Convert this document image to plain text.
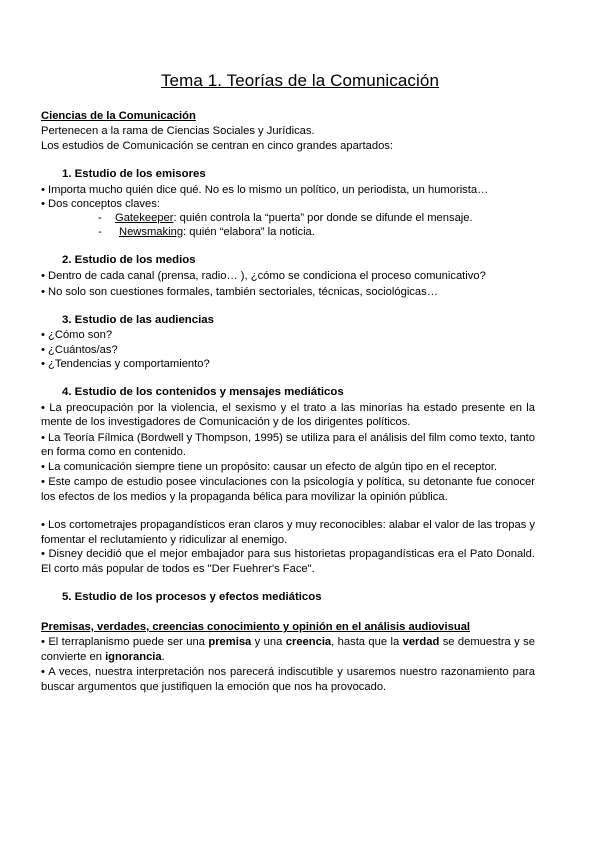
Tema 1. Teorías de la Comunicación
Ciencias de la Comunicación
Pertenecen a la rama de Ciencias Sociales y Jurídicas.
Los estudios de Comunicación se centran en cinco grandes apartados:
1. Estudio de los emisores
• Importa mucho quién dice qué. No es lo mismo un político, un periodista, un humorista…
• Dos conceptos claves:
- Gatekeeper: quién controla la “puerta” por donde se difunde el mensaje.
- Newsmaking: quién “elabora” la noticia.
2. Estudio de los medios
• Dentro de cada canal (prensa, radio… ), ¿cómo se condiciona el proceso comunicativo?
• No solo son cuestiones formales, también sectoriales, técnicas, sociológicas…
3. Estudio de las audiencias
• ¿Cómo son?
• ¿Cuántos/as?
• ¿Tendencias y comportamiento?
4. Estudio de los contenidos y mensajes mediáticos
• La preocupación por la violencia, el sexismo y el trato a las minorías ha estado presente en la
mente de los investigadores de Comunicación y de los dirigentes políticos.
• La Teoría Fílmica (Bordwell y Thompson, 1995) se utiliza para el análisis del film como texto, tanto
en forma como en contenido.
• La comunicación siempre tiene un propósito: causar un efecto de algún tipo en el receptor.
• Este campo de estudio posee vinculaciones con la psicología y política, su detonante fue conocer
los efectos de los medios y la propaganda bélica para movilizar la opinión pública.
• Los cortometrajes propagandísticos eran claros y muy reconocibles: alabar el valor de las tropas y
fomentar el reclutamiento y ridiculizar al enemigo.
• Disney decidió que el mejor embajador para sus historietas propagandísticas era el Pato Donald.
El corto más popular de todos es "Der Fuehrer's Face".
5. Estudio de los procesos y efectos mediáticos
Premisas, verdades, creencias conocimiento y opinión en el análisis audiovisual
• El terraplanismo puede ser una premisa y una creencia, hasta que la verdad se demuestra y se
convierte en ignorancia.
• A veces, nuestra interpretación nos parecerá indiscutible y usaremos nuestro razonamiento para
buscar argumentos que justifiquen la emoción que nos ha provocado.
